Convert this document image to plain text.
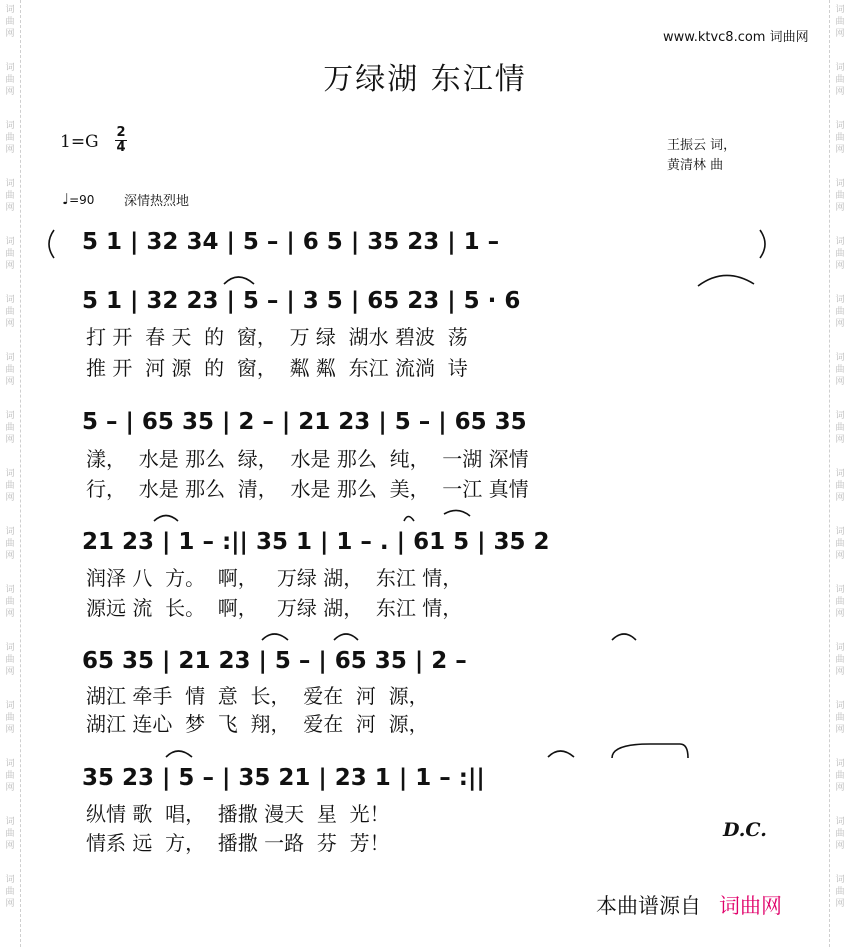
词
曲
网
词
曲
网
词
曲
网
词
曲
网
词
曲
网
词
曲
网
词
曲
网
词
曲
网
词
曲
网
词
曲
网
词
曲
网
词
曲
网
词
曲
网
词
曲
网
词
曲
网
词
曲
网
词
曲
网
词
曲
网
词
曲
网
词
曲
网
词
曲
网
词
曲
网
词
曲
网
词
曲
网
词
曲
网
词
曲
网
词
曲
网
词
曲
网
词
曲
网
词
曲
网
词
曲
网
词
曲
网
www.ktvc8.com 词曲网
万绿湖 东江情
1=G 2
4	王振云 词，
黄清林 曲
♩=90 深情热烈地
5 1 | 32 34 | 5 – | 6 5 | 35 23 | 1 –
5 1 | 32 23 | 5 – | 3 5 | 65 23 | 5 · 6
打 开  春 天  的  窗，  万 绿  湖水 碧波  荡
推 开  河 源  的  窗，  粼 粼  东江 流淌  诗
5 – | 65 35 | 2 – | 21 23 | 5 – | 65 35
漾，  水是 那么  绿，  水是 那么  纯，  一湖 深情
行，  水是 那么  清，  水是 那么  美，  一江 真情
21 23 | 1 – :|| 35 1 | 1 – . | 61 5 | 35 2
润泽 八  方。  啊，   万绿 湖，  东江 情，
源远 流  长。  啊，   万绿 湖，  东江 情，
65 35 | 21 23 | 5 – | 65 35 | 2 –
湖江 牵手  情  意  长，  爱在  河  源，
湖江 连心  梦  飞  翔，  爱在  河  源，
35 23 | 5 – | 35 21 | 23 1 | 1 – :||
纵情 歌  唱，  播撒 漫天  星  光！
情系 远  方，  播撒 一路  芬  芳！
D.C.
本曲谱源自 词曲网
